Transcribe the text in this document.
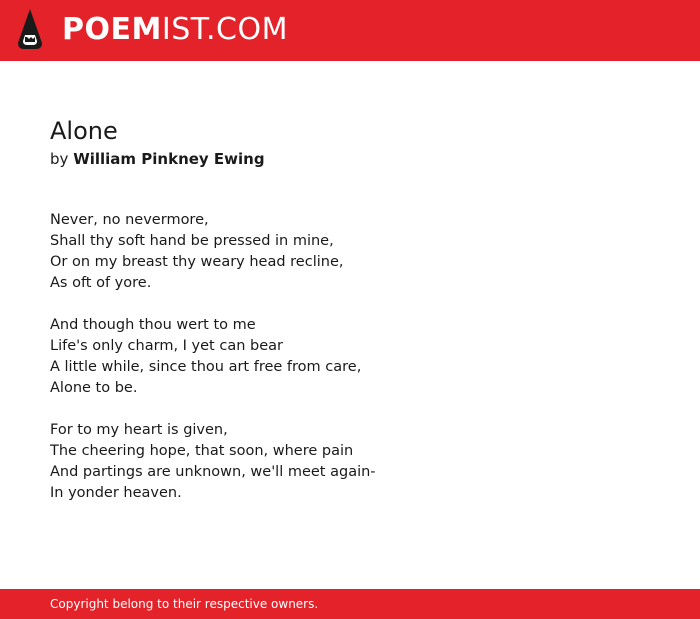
POEMIST.COM
Alone
by William Pinkney Ewing
Never, no nevermore,
Shall thy soft hand be pressed in mine,
Or on my breast thy weary head recline,
As oft of yore.
And though thou wert to me
Life's only charm, I yet can bear
A little while, since thou art free from care,
Alone to be.
For to my heart is given,
The cheering hope, that soon, where pain
And partings are unknown, we'll meet again-
In yonder heaven.
Copyright belong to their respective owners.
